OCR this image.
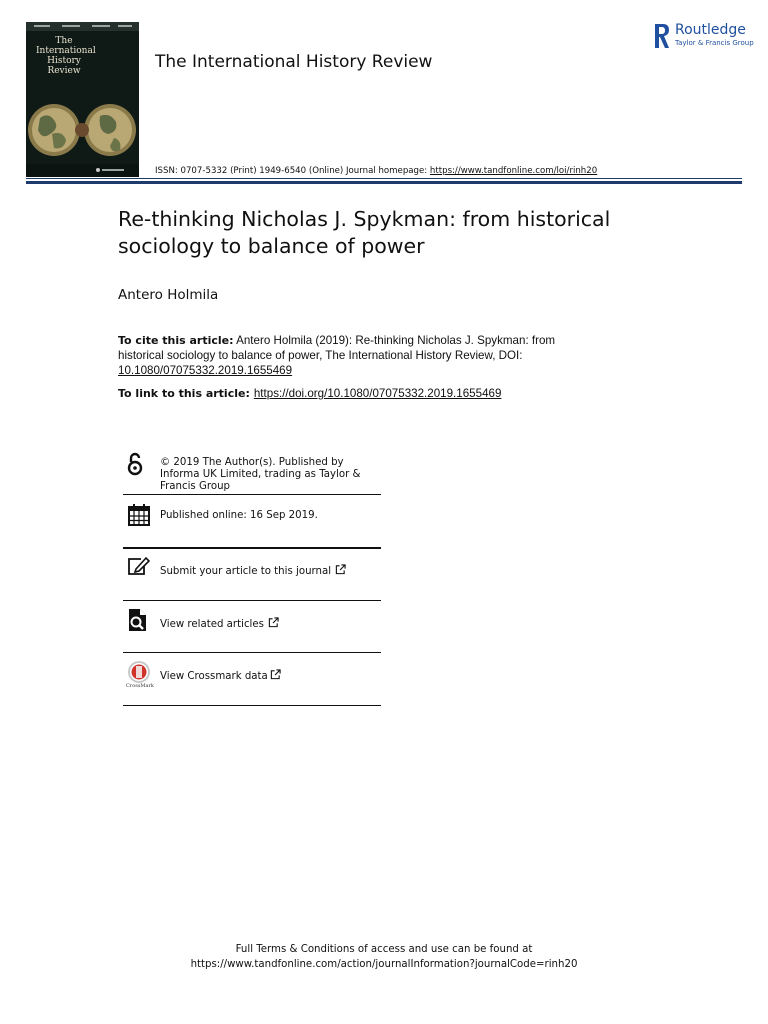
The International History Review	The International History Review
Routledge
Taylor & Francis Group
ISSN: 0707-5332 (Print) 1949-6540 (Online) Journal homepage: https://www.tandfonline.com/loi/rinh20
Re-thinking Nicholas J. Spykman: from historical sociology to balance of power
Antero Holmila
To cite this article: Antero Holmila (2019): Re-thinking Nicholas J. Spykman: from historical sociology to balance of power, The International History Review, DOI: 10.1080/07075332.2019.1655469
To link to this article: https://doi.org/10.1080/07075332.2019.1655469
© 2019 The Author(s). Published by Informa UK Limited, trading as Taylor & Francis Group
Published online: 16 Sep 2019.
Submit your article to this journal
View related articles
CrossMark
View Crossmark data
Full Terms & Conditions of access and use can be found at
https://www.tandfonline.com/action/journalInformation?journalCode=rinh20
